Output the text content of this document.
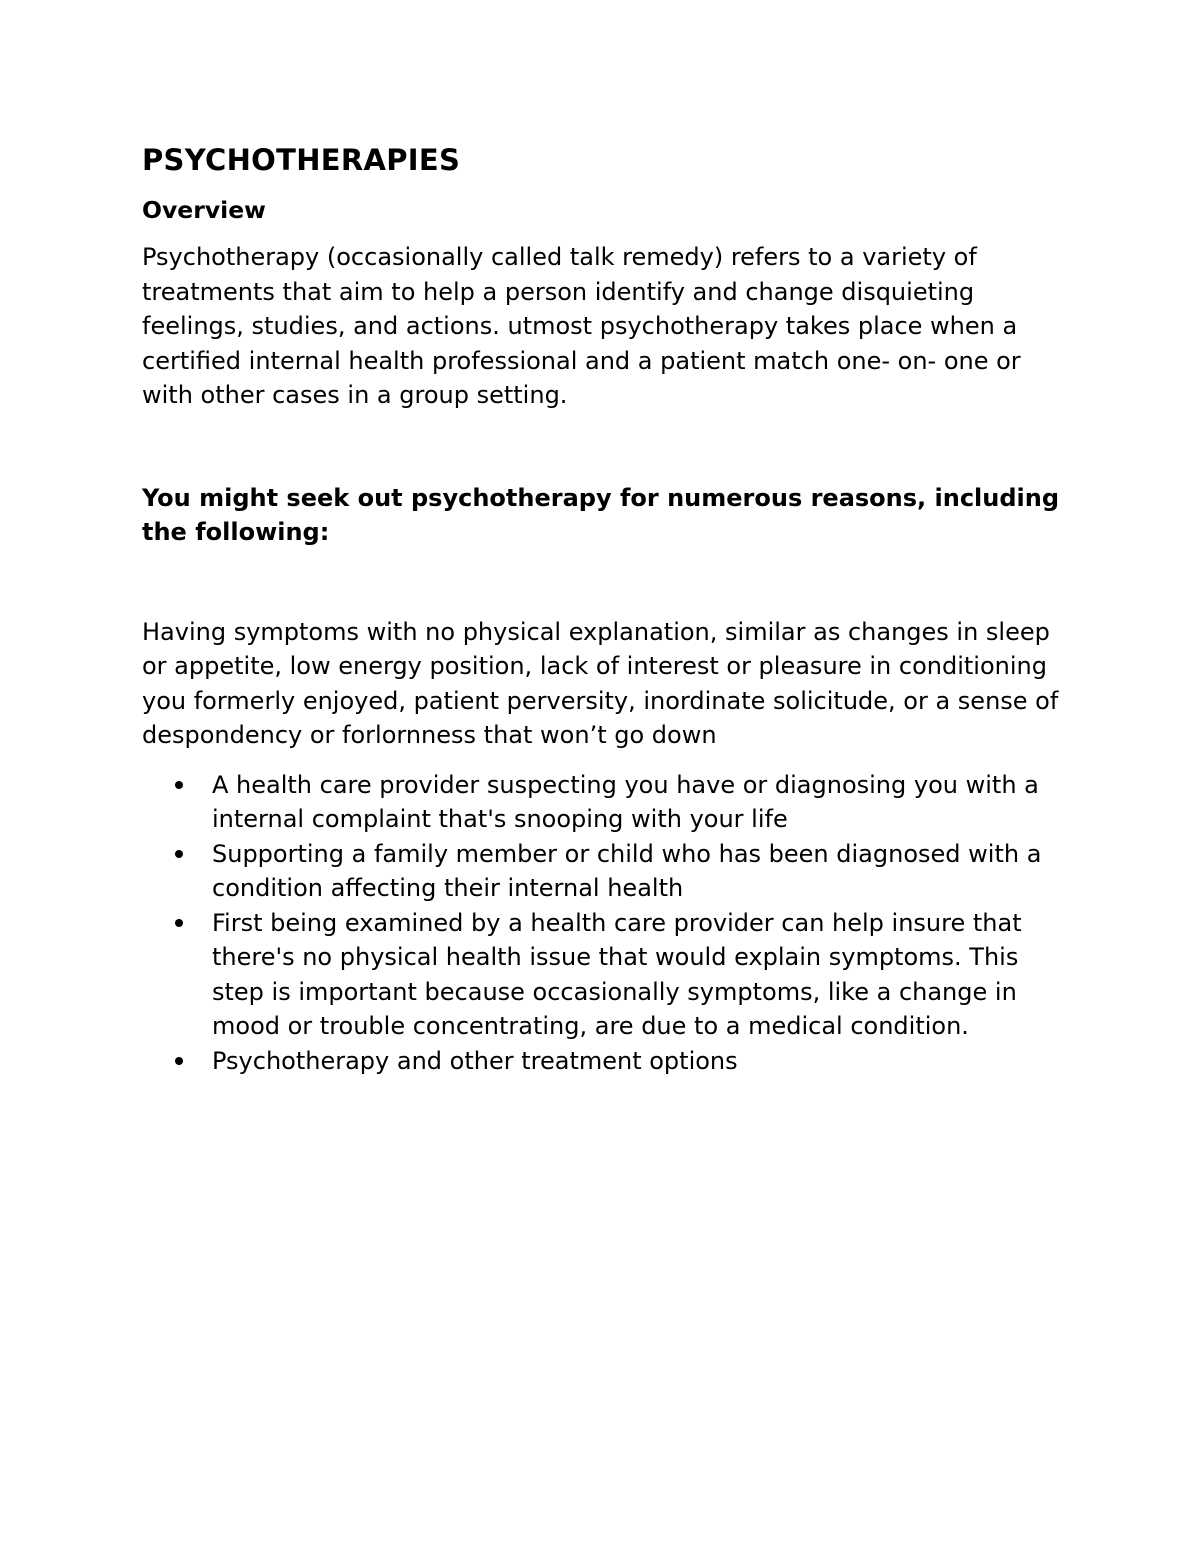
PSYCHOTHERAPIES
Overview

Psychotherapy (occasionally called talk remedy) refers to a variety of treatments that aim to help a person identify and change disquieting feelings, studies, and actions. utmost psychotherapy takes place when a certified internal health professional and a patient match one- on- one or with other cases in a group setting.

You might seek out psychotherapy for numerous reasons, including the following:

Having symptoms with no physical explanation, similar as changes in sleep or appetite, low energy position, lack of interest or pleasure in conditioning you formerly enjoyed, patient perversity, inordinate solicitude, or a sense of despondency or forlornness that won’t go down

A health care provider suspecting you have or diagnosing you with a internal complaint that's snooping with your life
Supporting a family member or child who has been diagnosed with a condition affecting their internal health
First being examined by a health care provider can help insure that there's no physical health issue that would explain symptoms. This step is important because occasionally symptoms, like a change in mood or trouble concentrating, are due to a medical condition.
Psychotherapy and other treatment options
